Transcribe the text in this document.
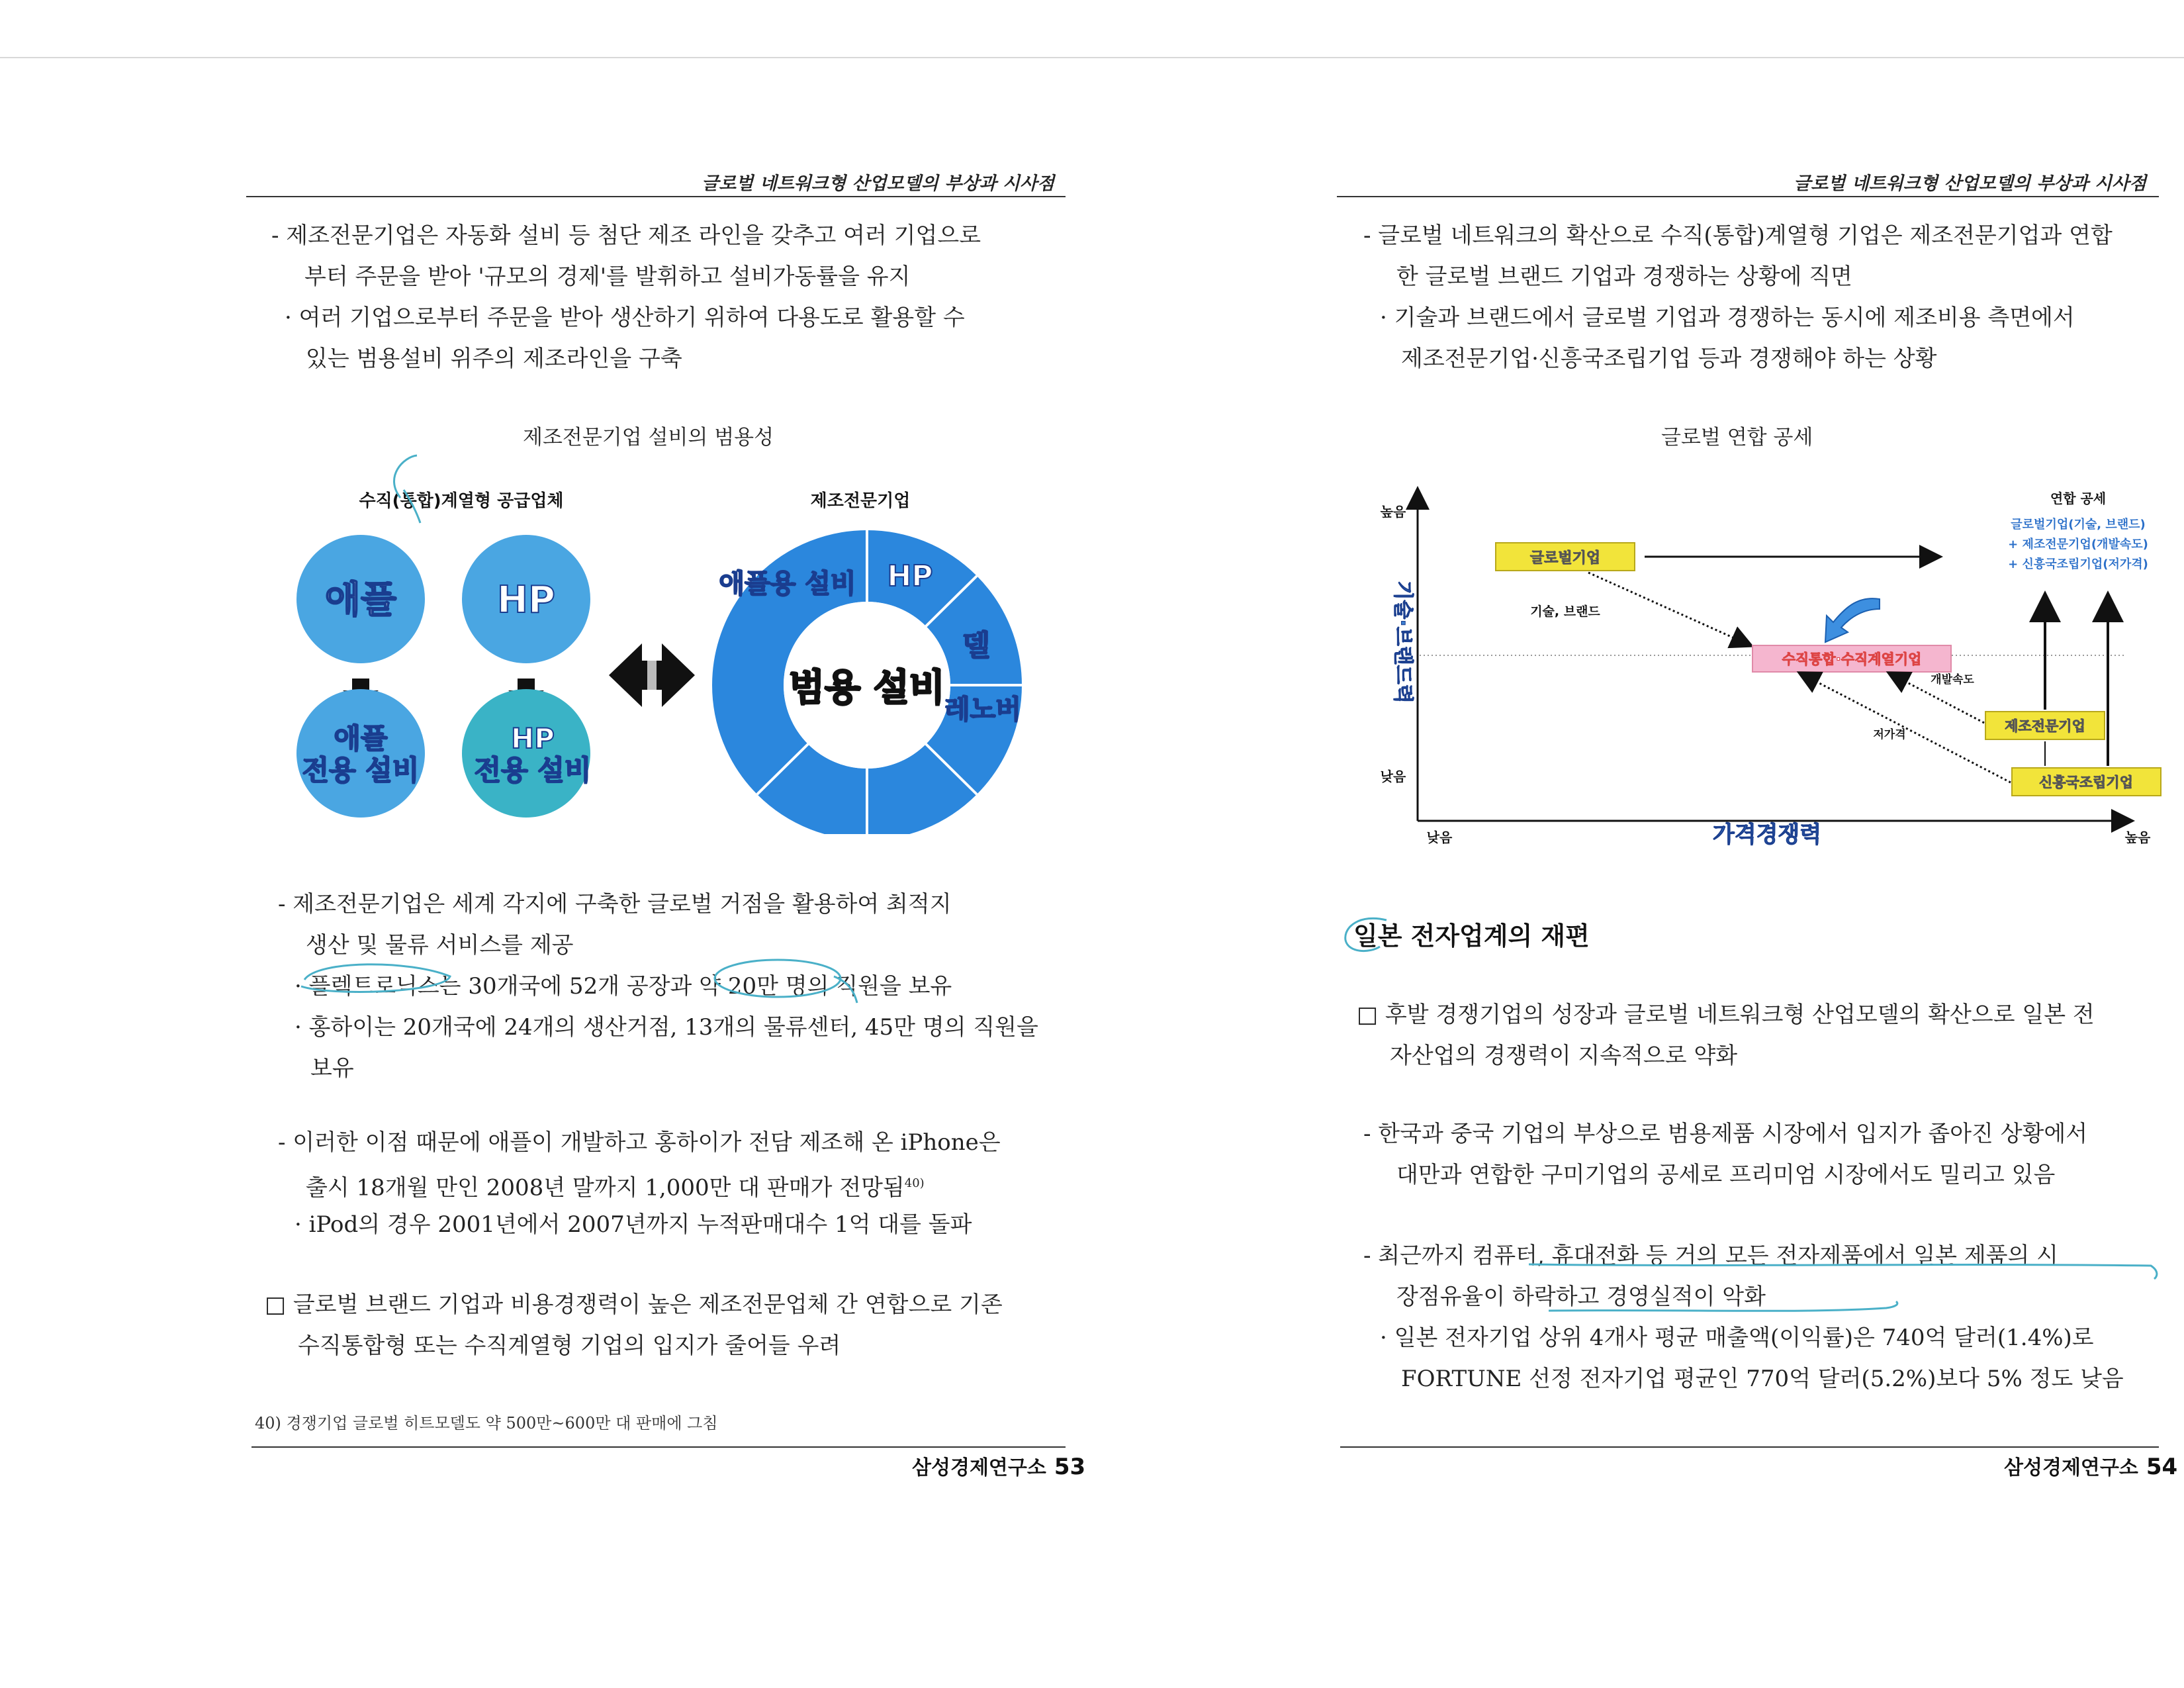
글로벌 네트워크형 산업모델의 부상과 시사점
- 제조전문기업은 자동화 설비 등 첨단 제조 라인을 갖추고 여러 기업으로
부터 주문을 받아 '규모의 경제'를 발휘하고 설비가동률을 유지
· 여러 기업으로부터 주문을 받아 생산하기 위하여 다용도로 활용할 수
있는 범용설비 위주의 제조라인을 구축
제조전문기업 설비의 범용성
수직(통합)계열형 공급업체	제조전문기업
애플	HP
애플
전용 설비
HP
전용 설비
범용 설비
애플용 설비 HP
델
레노버
- 제조전문기업은 세계 각지에 구축한 글로벌 거점을 활용하여 최적지
생산 및 물류 서비스를 제공
· 플렉트로닉스는 30개국에 52개 공장과 약 20만 명의 직원을 보유
· 홍하이는 20개국에 24개의 생산거점, 13개의 물류센터, 45만 명의 직원을
보유
- 이러한 이점 때문에 애플이 개발하고 홍하이가 전담 제조해 온 iPhone은
출시 18개월 만인 2008년 말까지 1,000만 대 판매가 전망됨$^{40)}$
· iPod의 경우 2001년에서 2007년까지 누적판매대수 1억 대를 돌파
□ 글로벌 브랜드 기업과 비용경쟁력이 높은 제조전문업체 간 연합으로 기존
수직통합형 또는 수직계열형 기업의 입지가 줄어들 우려
40) 경쟁기업 글로벌 히트모델도 약 500만~600만 대 판매에 그침
삼성경제연구소 53
글로벌 네트워크형 산업모델의 부상과 시사점
- 글로벌 네트워크의 확산으로 수직(통합)계열형 기업은 제조전문기업과 연합
한 글로벌 브랜드 기업과 경쟁하는 상황에 직면
· 기술과 브랜드에서 글로벌 기업과 경쟁하는 동시에 제조비용 측면에서
제조전문기업·신흥국조립기업 등과 경쟁해야 하는 상황
글로벌 연합 공세
높음
낮음
기술·브랜드력
낮음	높음
가격경쟁력
글로벌기업
기술, 브랜드
수직통합·수직계열기업
제조전문기업
개발속도
신흥국조립기업
저가격
연합 공세
글로벌기업(기술, 브랜드)
+ 제조전문기업(개발속도)
+ 신흥국조립기업(저가격)
일본 전자업계의 재편
□ 후발 경쟁기업의 성장과 글로벌 네트워크형 산업모델의 확산으로 일본 전
자산업의 경쟁력이 지속적으로 약화
- 한국과 중국 기업의 부상으로 범용제품 시장에서 입지가 좁아진 상황에서
대만과 연합한 구미기업의 공세로 프리미엄 시장에서도 밀리고 있음
- 최근까지 컴퓨터, 휴대전화 등 거의 모든 전자제품에서 일본 제품의 시
장점유율이 하락하고 경영실적이 악화
· 일본 전자기업 상위 4개사 평균 매출액(이익률)은 740억 달러(1.4%)로
FORTUNE 선정 전자기업 평균인 770억 달러(5.2%)보다 5% 정도 낮음
삼성경제연구소 54
